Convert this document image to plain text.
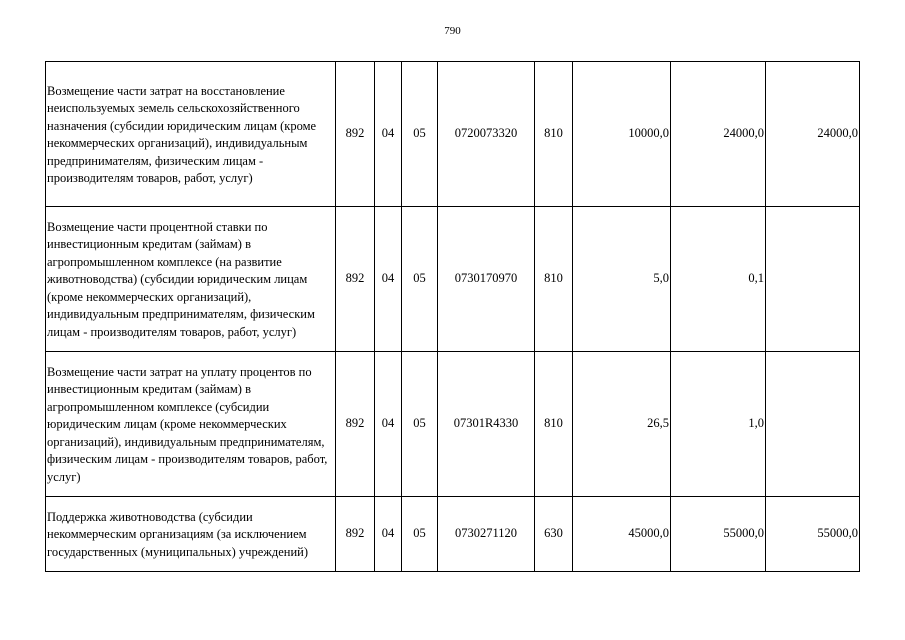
790
Возмещение части затрат на восстановление неиспользуемых земель сельскохозяйственного назначения (субсидии юридическим лицам (кроме некоммерческих организаций), индивидуальным предпринимателям, физическим лицам - производителям товаров, работ, услуг)	892	04	05	0720073320	810	10000,0	24000,0	24000,0

Возмещение части процентной ставки по инвестиционным кредитам (займам) в агропромышленном комплексе (на развитие животноводства) (субсидии юридическим лицам (кроме некоммерческих организаций), индивидуальным предпринимателям, физическим лицам - производителям товаров, работ, услуг)	892	04	05	0730170970	810	5,0	0,1	

Возмещение части затрат на уплату процентов по инвестиционным кредитам (займам) в агропромышленном комплексе (субсидии юридическим лицам (кроме некоммерческих организаций), индивидуальным предпринимателям, физическим лицам - производителям товаров, работ, услуг)	892	04	05	07301R4330	810	26,5	1,0	

Поддержка животноводства (субсидии некоммерческим организациям (за исключением государственных (муниципальных) учреждений)	892	04	05	0730271120	630	45000,0	55000,0	55000,0
